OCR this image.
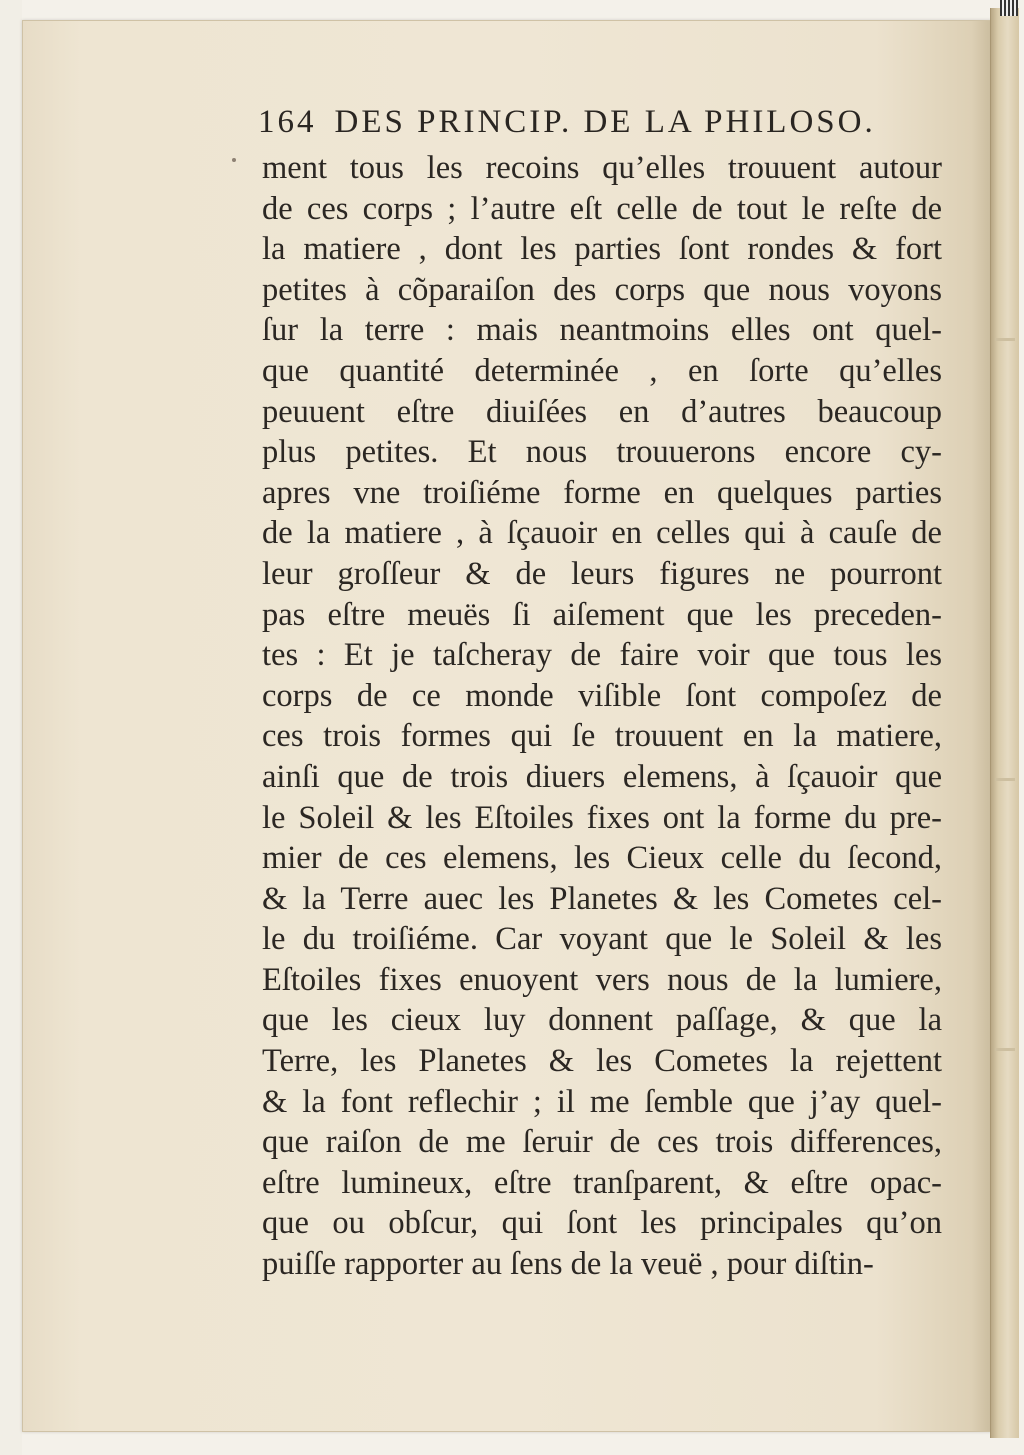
164 DES PRINCIP. DE LA PHILOSO.
ment tous les recoins qu’elles trouuent autour
de ces corps ; l’autre eſt celle de tout le reſte de
la matiere , dont les parties ſont rondes & fort
petites à cõparaiſon des corps que nous voyons
ſur la terre : mais neantmoins elles ont quel-
que quantité determinée , en ſorte qu’elles
peuuent eſtre diuiſées en d’autres beaucoup
plus petites. Et nous trouuerons encore cy-
apres vne troiſiéme forme en quelques parties
de la matiere , à ſçauoir en celles qui à cauſe de
leur groſſeur & de leurs figures ne pourront
pas eſtre meuës ſi aiſement que les preceden-
tes : Et je taſcheray de faire voir que tous les
corps de ce monde viſible ſont compoſez de
ces trois formes qui ſe trouuent en la matiere,
ainſi que de trois diuers elemens, à ſçauoir que
le Soleil & les Eſtoiles fixes ont la forme du pre-
mier de ces elemens, les Cieux celle du ſecond,
& la Terre auec les Planetes & les Cometes cel-
le du troiſiéme. Car voyant que le Soleil & les
Eſtoiles fixes enuoyent vers nous de la lumiere,
que les cieux luy donnent paſſage, & que la
Terre, les Planetes & les Cometes la rejettent
& la font reflechir ; il me ſemble que j’ay quel-
que raiſon de me ſeruir de ces trois differences,
eſtre lumineux, eſtre tranſparent, & eſtre opac-
que ou obſcur, qui ſont les principales qu’on
puiſſe rapporter au ſens de la veuë , pour diſtin-
